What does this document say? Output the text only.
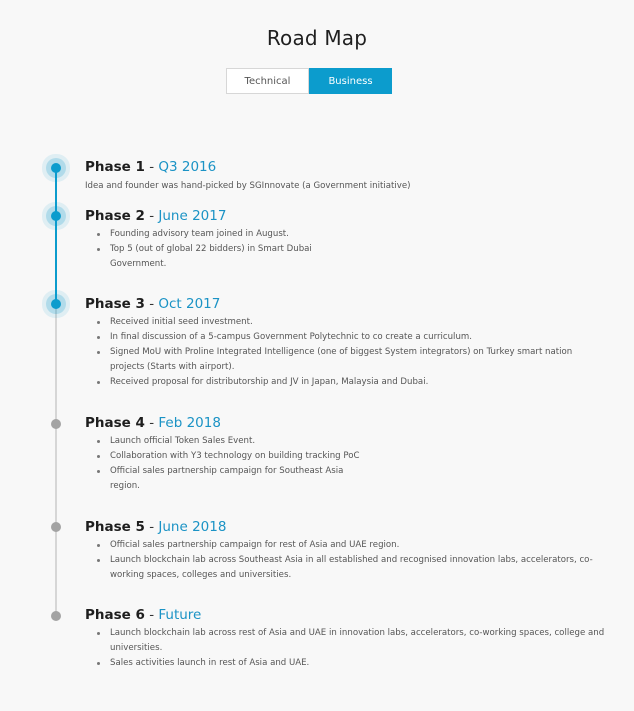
Road Map
Technical	Business

Phase 1 - Q3 2016

Idea and founder was hand-picked by SGInnovate (a Government initiative)

Phase 2 - June 2017

Founding advisory team joined in August.
Top 5 (out of global 22 bidders) in Smart Dubai Government.

Phase 3 - Oct 2017

Received initial seed investment.
In final discussion of a 5-campus Government Polytechnic to co create a curriculum.
Signed MoU with Proline Integrated Intelligence (one of biggest System integrators) on Turkey smart nation projects (Starts with airport).
Received proposal for distributorship and JV in Japan, Malaysia and Dubai.

Phase 4 - Feb 2018

Launch official Token Sales Event.
Collaboration with Y3 technology on building tracking PoC
Official sales partnership campaign for Southeast Asia region.

Phase 5 - June 2018

Official sales partnership campaign for rest of Asia and UAE region.
Launch blockchain lab across Southeast Asia in all established and recognised innovation labs, accelerators, co-working spaces, colleges and universities.

Phase 6 - Future

Launch blockchain lab across rest of Asia and UAE in innovation labs, accelerators, co-working spaces, college and universities.
Sales activities launch in rest of Asia and UAE.
